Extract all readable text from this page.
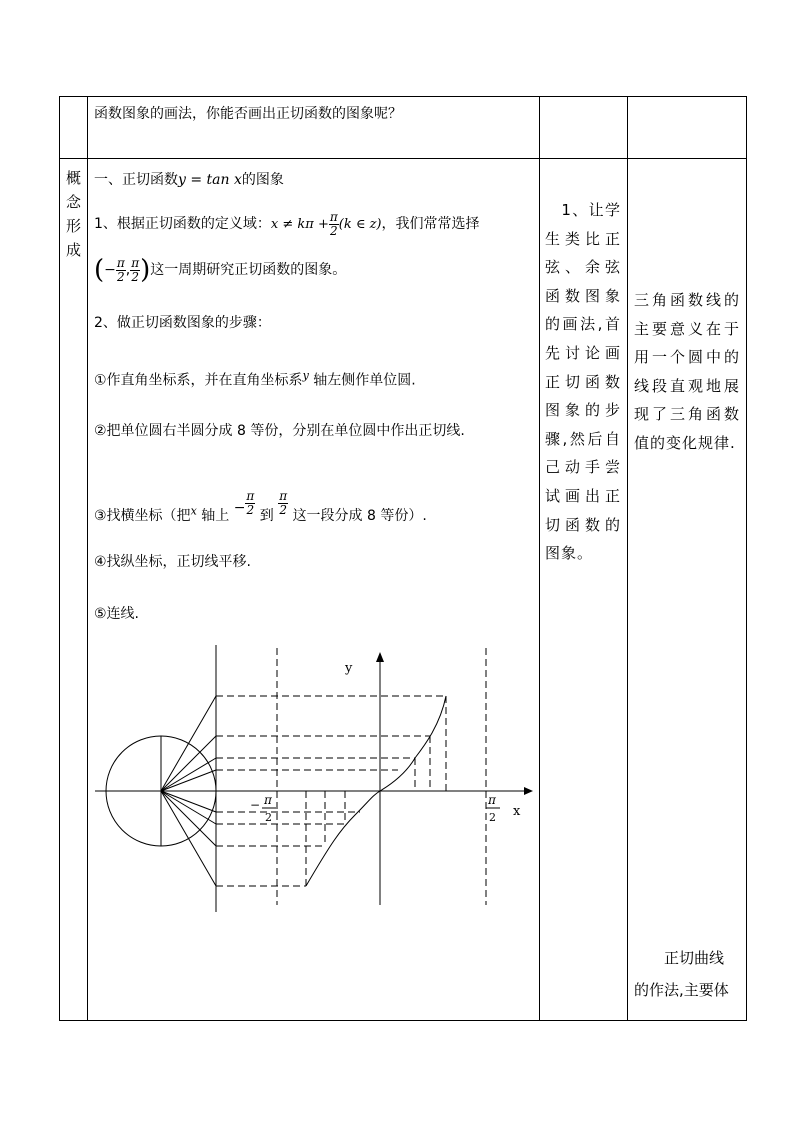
函数图象的画法，你能否画出正切函数的图象呢？
概
念
形
成
一、正切函数y = tan x的图象
1、根据正切函数的定义域：$x \ne k\pi + \frac{\pi}{2} (k$ ∈ z)，我们常常选择
(− $\frac{\pi}{2}$ , $\frac{\pi}{2}$ )这一周期研究正切函数的图象。
2、做正切函数图象的步骤：
①作直角坐标系，并在直角坐标系$^y$ 轴左侧作单位圆.
②把单位圆右半圆分成 8 等份，分别在单位圆中作出正切线.
③找横坐标（把$^x$ 轴上 − $\frac{\pi}{2}$ 到 $\frac{\pi}{2}$ 这一段分成 8 等份）.
④找纵坐标，正切线平移.
⑤连线.
y
x
− π
2
π
2
　1、让学生类比正弦、余弦函数图象的画法,首先讨论画正切函数图象的步骤,然后自己动手尝试画出正切函数的图象。
三角函数线的主要意义在于用一个圆中的线段直观地展现了三角函数值的变化规律.
　　正切曲线
的作法,主要体
